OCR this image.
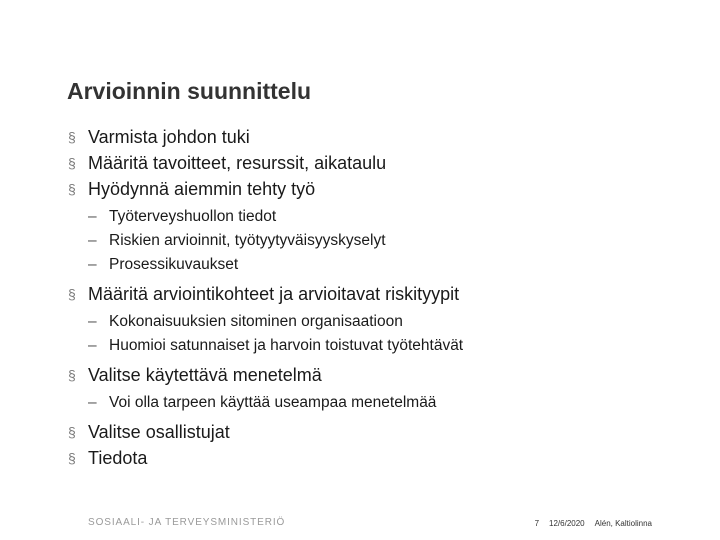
Arvioinnin suunnittelu
§ Varmista johdon tuki
§ Määritä tavoitteet, resurssit, aikataulu
§ Hyödynnä aiemmin tehty työ
– Työterveyshuollon tiedot
– Riskien arvioinnit, työtyytyväisyyskyselyt
– Prosessikuvaukset
§ Määritä arviointikohteet ja arvioitavat riskityypit
– Kokonaisuuksien sitominen organisaatioon
– Huomioi satunnaiset ja harvoin toistuvat työtehtävät
§ Valitse käytettävä menetelmä
– Voi olla tarpeen käyttää useampaa menetelmää
§ Valitse osallistujat
§ Tiedota
SOSIAALI- JA TERVEYSMINISTERIÖ	7 12/6/2020 Alén, Kaltiolinna
